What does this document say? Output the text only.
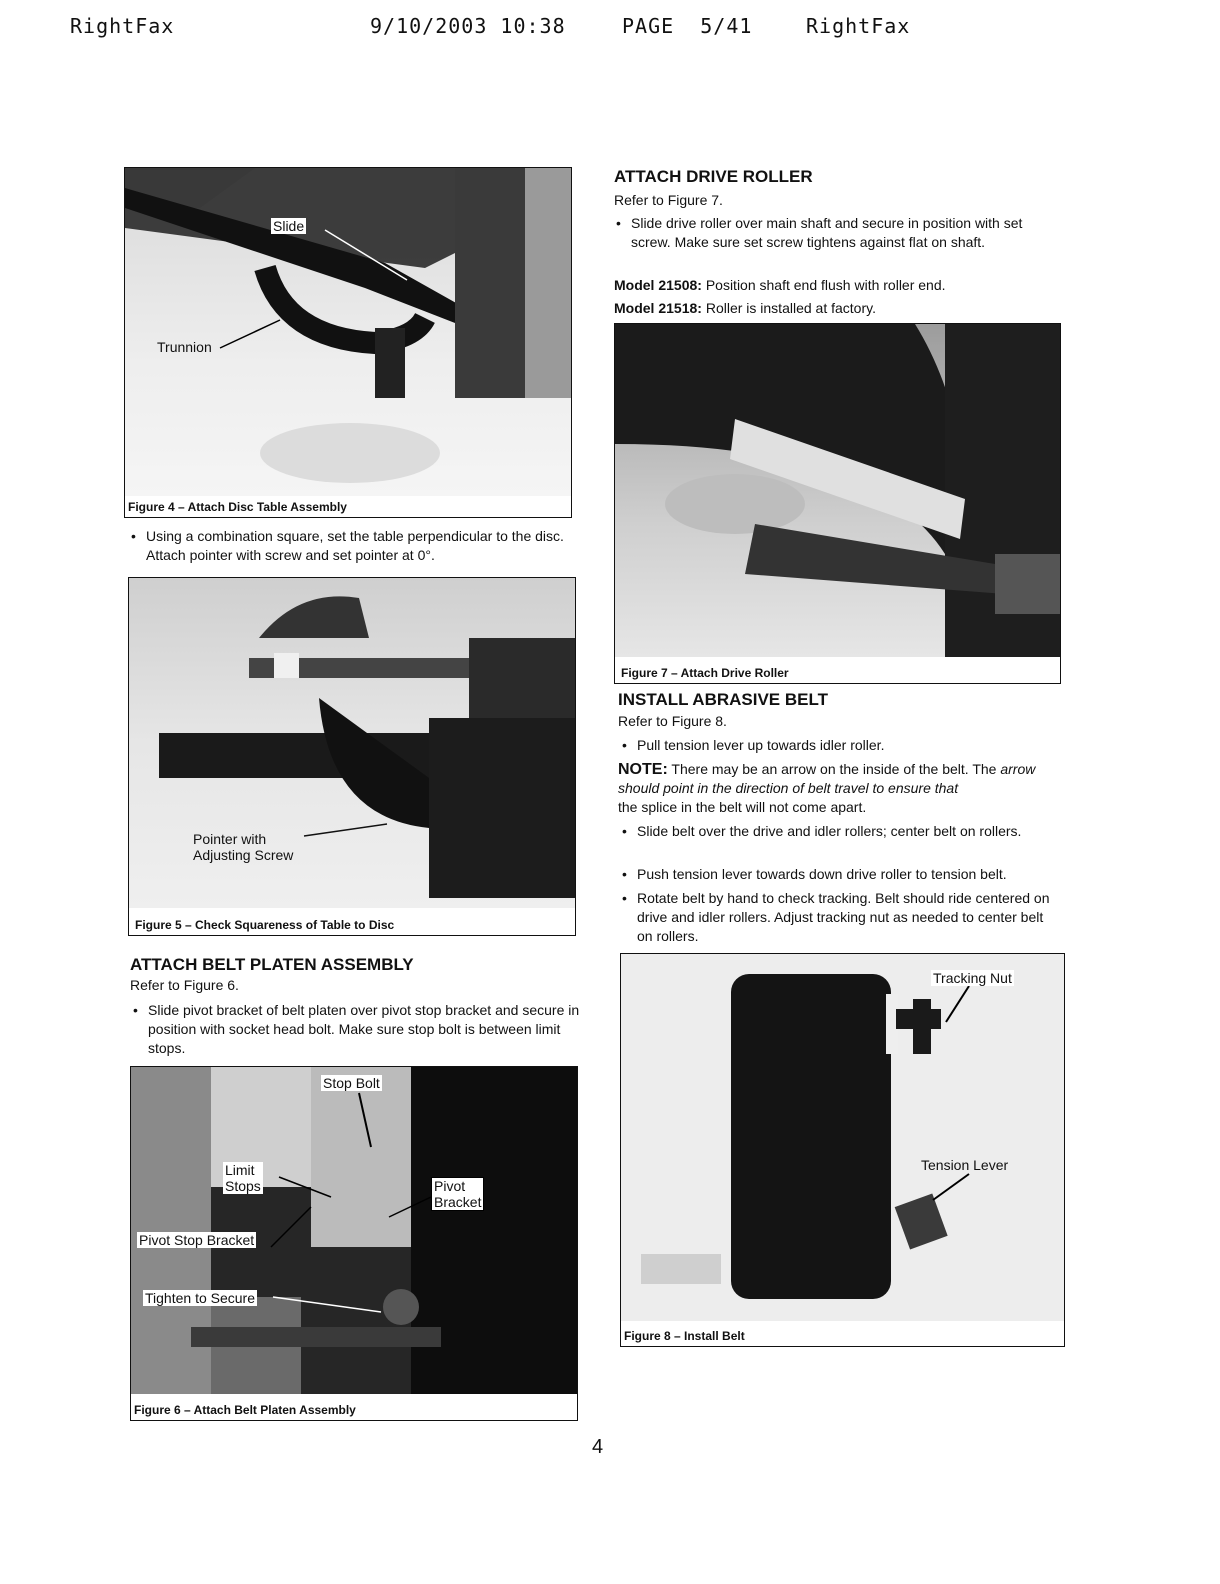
RightFax	9/10/2003 10:38	PAGE  5/41	RightFax
Slide
Trunnion
Figure 4 – Attach Disc Table Assembly
• Using a combination square, set the table perpendicular to the disc. Attach pointer with screw and set pointer at 0°.
Pointer with
Adjusting Screw
Figure 5 – Check Squareness of Table to Disc
ATTACH BELT PLATEN ASSEMBLY
Refer to Figure 6.
• Slide pivot bracket of belt platen over pivot stop bracket and secure in position with socket head bolt. Make sure stop bolt is between limit stops.
Stop Bolt
Limit
Stops	Pivot
Bracket
Pivot Stop Bracket
Tighten to Secure
Figure 6 – Attach Belt Platen Assembly
ATTACH DRIVE ROLLER
Refer to Figure 7.
• Slide drive roller over main shaft and secure in position with set screw. Make sure set screw tightens against flat on shaft.
Model 21508: Position shaft end flush with roller end.
Model 21518: Roller is installed at factory.
Figure 7 – Attach Drive Roller
INSTALL ABRASIVE BELT
Refer to Figure 8.
• Pull tension lever up towards idler roller.
NOTE: There may be an arrow on the inside of the belt. The arrow should point in the direction of belt travel to ensure that
the splice in the belt will not come apart.
• Slide belt over the drive and idler rollers; center belt on rollers.
• Push tension lever towards down drive roller to tension belt.
• Rotate belt by hand to check tracking. Belt should ride centered on drive and idler rollers. Adjust tracking nut as needed to center belt on rollers.
Tracking Nut
Tension Lever
Figure 8 – Install Belt
4
